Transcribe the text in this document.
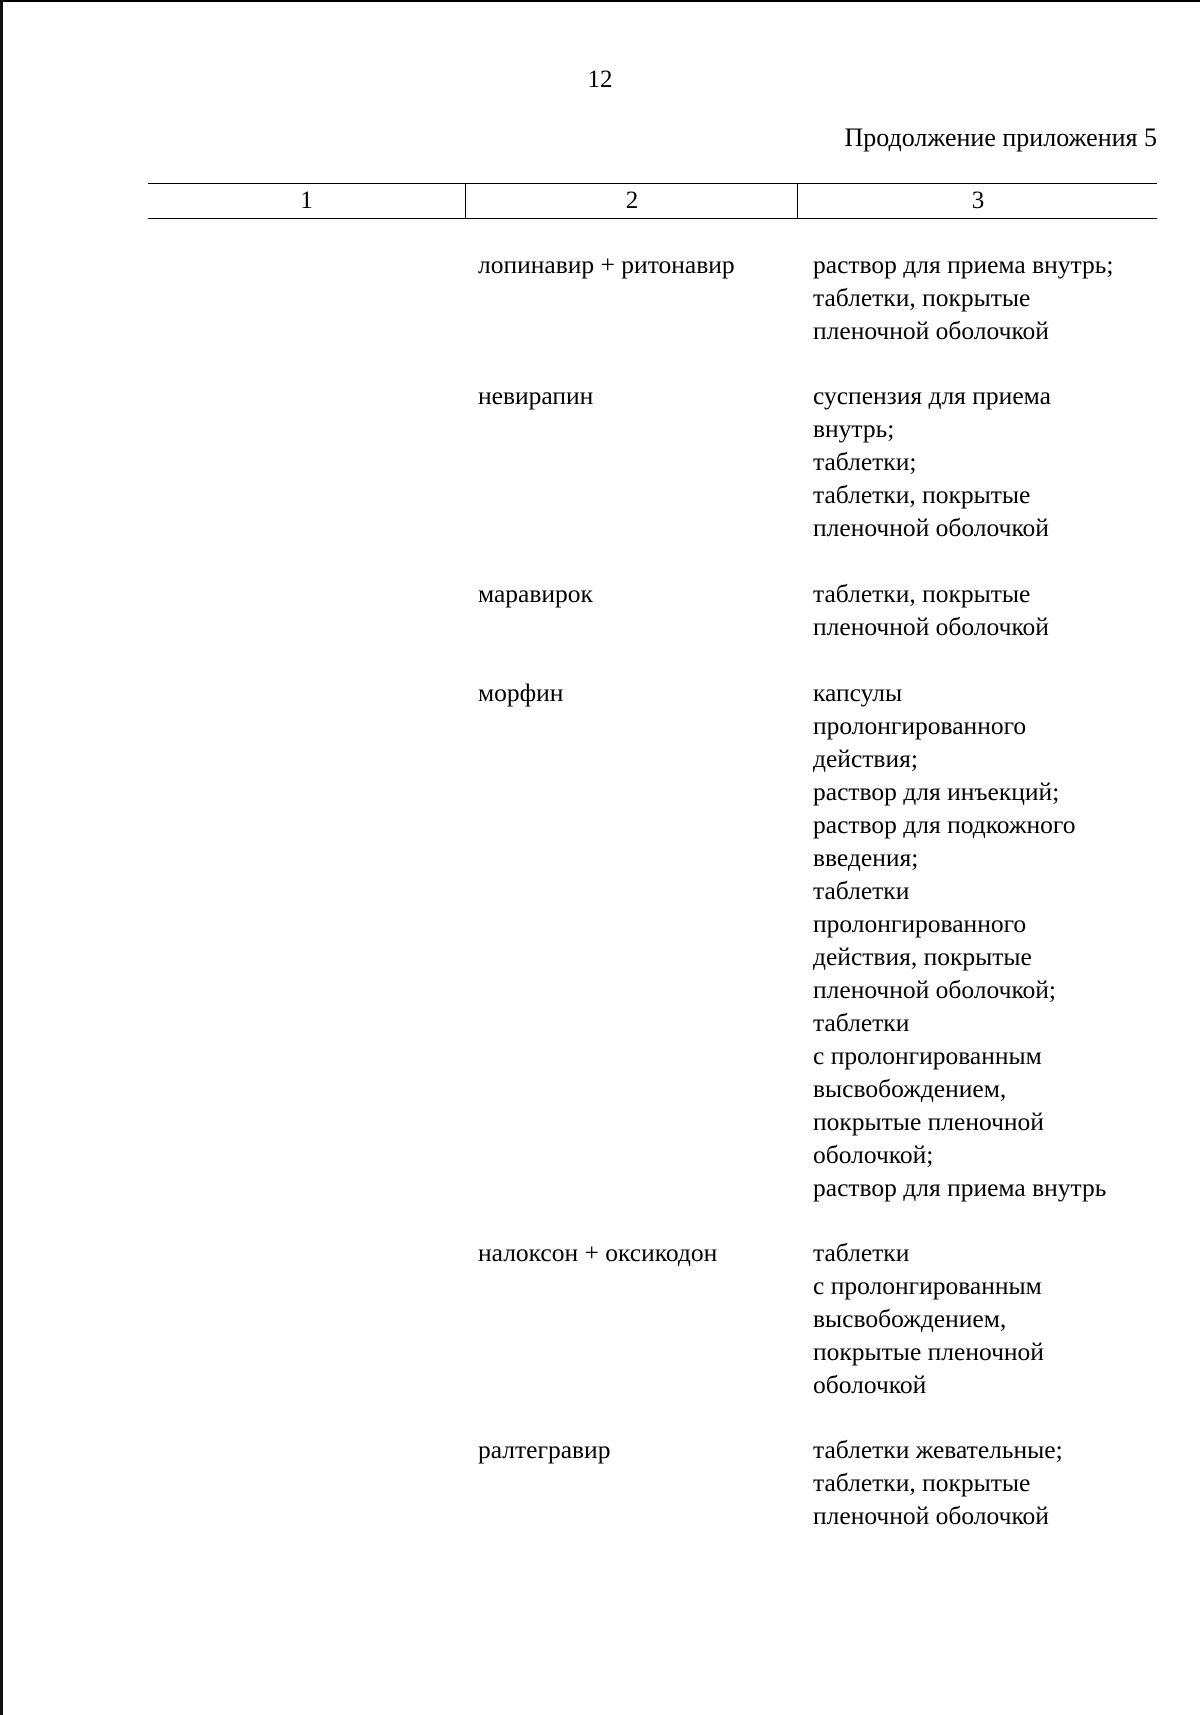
12
Продолжение приложения 5
1	2	3
лопинавир + ритонавир	раствор для приема внутрь;
таблетки, покрытые
пленочной оболочкой
невирапин	суспензия для приема
внутрь;
таблетки;
таблетки, покрытые
пленочной оболочкой
маравирок	таблетки, покрытые
пленочной оболочкой
морфин	капсулы
пролонгированного
действия;
раствор для инъекций;
раствор для подкожного
введения;
таблетки
пролонгированного
действия, покрытые
пленочной оболочкой;
таблетки
с пролонгированным
высвобождением,
покрытые пленочной
оболочкой;
раствор для приема внутрь
налоксон + оксикодон	таблетки
с пролонгированным
высвобождением,
покрытые пленочной
оболочкой
ралтегравир	таблетки жевательные;
таблетки, покрытые
пленочной оболочкой
